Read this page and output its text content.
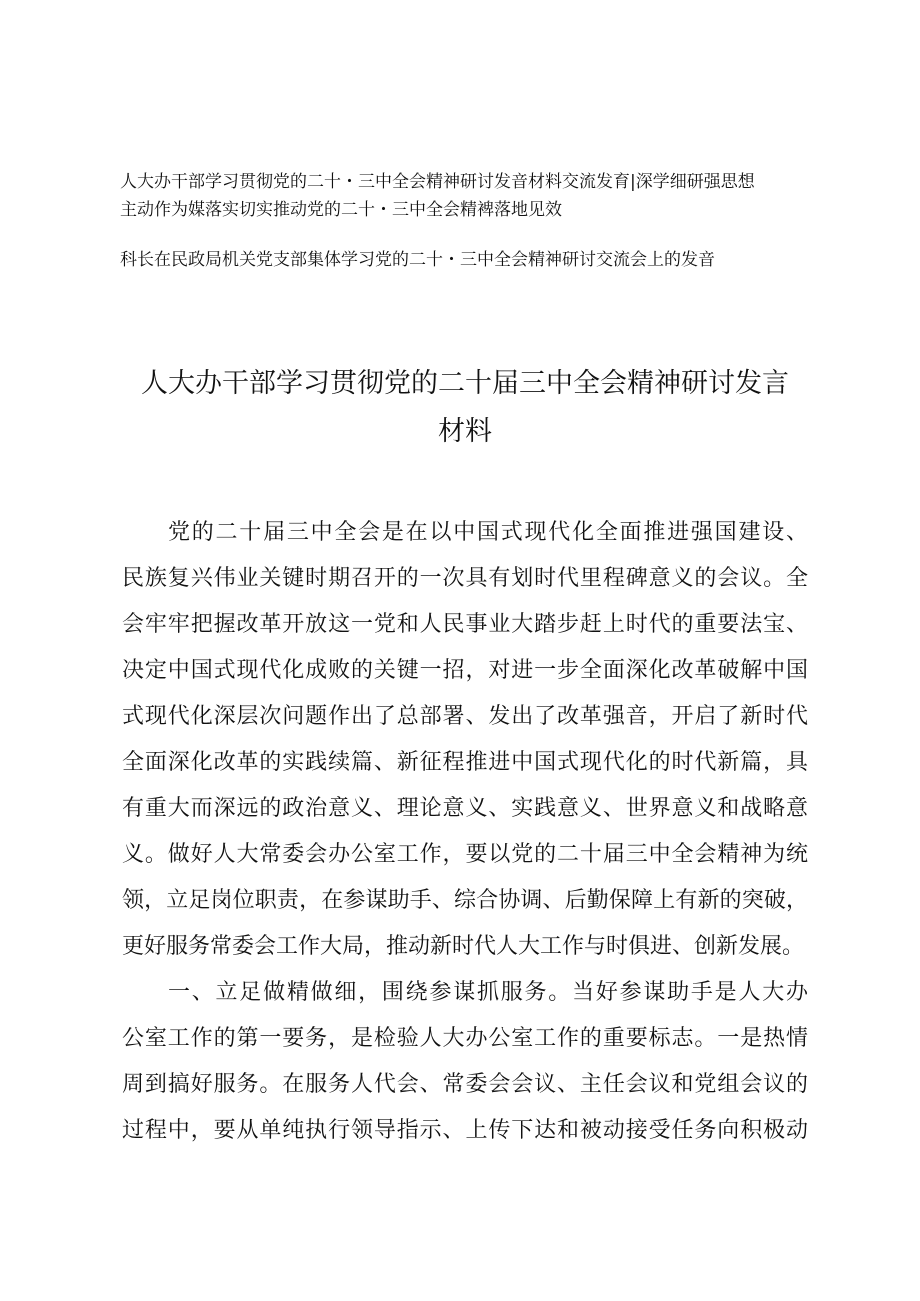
人大办干部学习贯彻党的二十・三中全会精神研讨发音材料交流发育|深学细研强思想

主动作为媒落实切实推动党的二十・三中全会精裨落地见效

科长在民政局机关党支部集体学习党的二十・三中全会精神研讨交流会上的发音

人大办干部学习贯彻党的二十届三中全会精神研讨发言
材料
党的二十届三中全会是在以中国式现代化全面推进强国建设、
民族复兴伟业关键时期召开的一次具有划时代里程碑意义的会议。全
会牢牢把握改革开放这一党和人民事业大踏步赶上时代的重要法宝、
决定中国式现代化成败的关键一招，对进一步全面深化改革破解中国
式现代化深层次问题作出了总部署、发出了改革强音，开启了新时代
全面深化改革的实践续篇、新征程推进中国式现代化的时代新篇，具
有重大而深远的政治意义、理论意义、实践意义、世界意义和战略意
义。做好人大常委会办公室工作，要以党的二十届三中全会精神为统
领，立足岗位职责，在参谋助手、综合协调、后勤保障上有新的突破，
更好服务常委会工作大局，推动新时代人大工作与时俱进、创新发展。
一、立足做精做细，围绕参谋抓服务。当好参谋助手是人大办
公室工作的第一要务，是检验人大办公室工作的重要标志。一是热情
周到搞好服务。在服务人代会、常委会会议、主任会议和党组会议的
过程中，要从单纯执行领导指示、上传下达和被动接受任务向积极动
